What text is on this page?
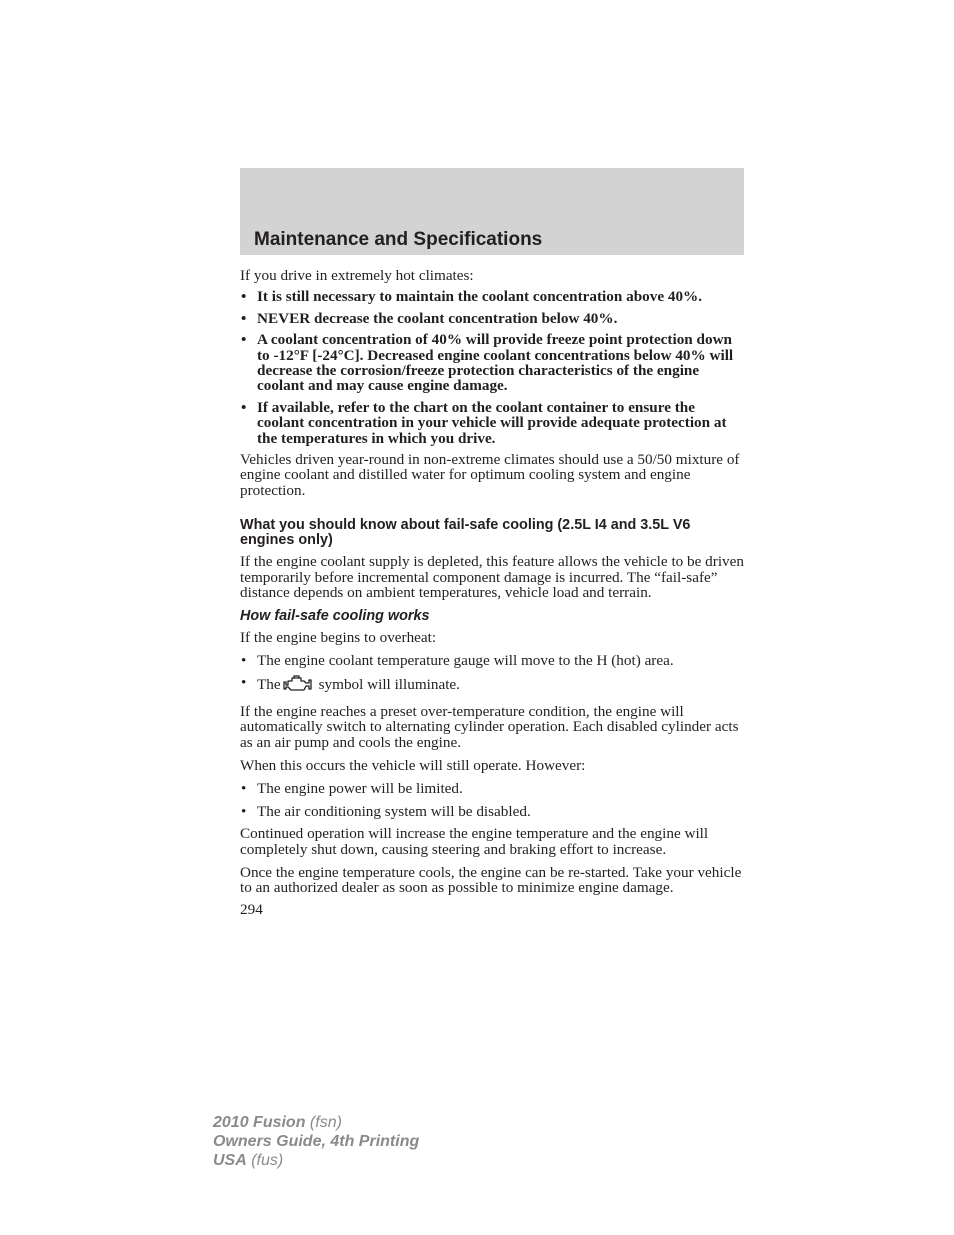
Maintenance and Specifications

If you drive in extremely hot climates:

• It is still necessary to maintain the coolant concentration above 40%.
• NEVER decrease the coolant concentration below 40%.
• A coolant concentration of 40% will provide freeze point protection down to -12°F [-24°C]. Decreased engine coolant concentrations below 40% will decrease the corrosion/freeze protection characteristics of the engine coolant and may cause engine damage.
• If available, refer to the chart on the coolant container to ensure the coolant concentration in your vehicle will provide adequate protection at the temperatures in which you drive.

Vehicles driven year-round in non-extreme climates should use a 50/50 mixture of engine coolant and distilled water for optimum cooling system and engine protection.

What you should know about fail-safe cooling (2.5L I4 and 3.5L V6 engines only)

If the engine coolant supply is depleted, this feature allows the vehicle to be driven temporarily before incremental component damage is incurred. The “fail-safe” distance depends on ambient temperatures, vehicle load and terrain.

How fail-safe cooling works

If the engine begins to overheat:

• The engine coolant temperature gauge will move to the H (hot) area.
• The	symbol will illuminate.

If the engine reaches a preset over-temperature condition, the engine will automatically switch to alternating cylinder operation. Each disabled cylinder acts as an air pump and cools the engine.

When this occurs the vehicle will still operate. However:

• The engine power will be limited.
• The air conditioning system will be disabled.

Continued operation will increase the engine temperature and the engine will completely shut down, causing steering and braking effort to increase.

Once the engine temperature cools, the engine can be re-started. Take your vehicle to an authorized dealer as soon as possible to minimize engine damage.

294
2010 Fusion (fsn)
Owners Guide, 4th Printing
USA (fus)
